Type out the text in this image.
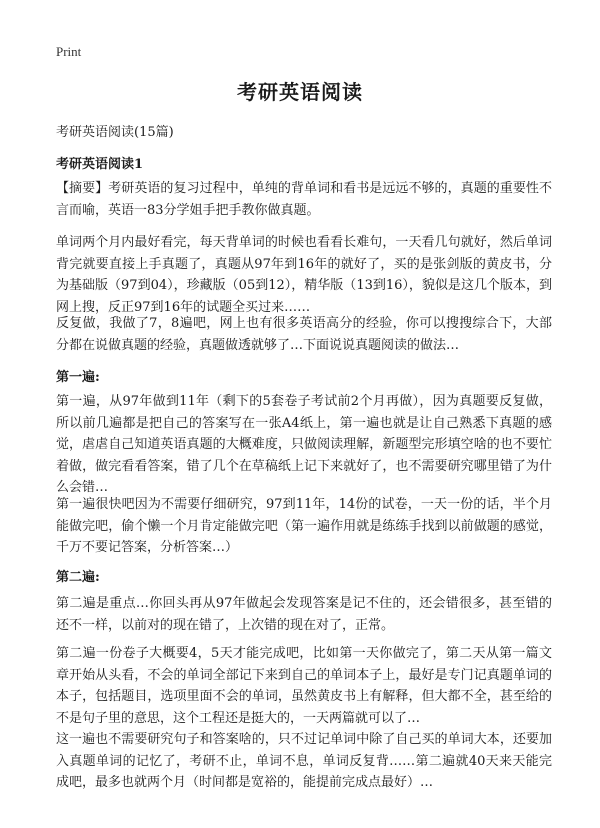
Print
考研英语阅读
考研英语阅读(15篇)
考研英语阅读1

【摘要】考研英语的复习过程中，单纯的背单词和看书是远远不够的，真题的重要性不言而喻，英语一83分学姐手把手教你做真题。

单词两个月内最好看完，每天背单词的时候也看看长难句，一天看几句就好，然后单词背完就要直接上手真题了，真题从97年到16年的就好了，买的是张剑版的黄皮书，分为基础版（97到04），珍藏版（05到12），精华版（13到16），貌似是这几个版本，到网上搜，反正97到16年的试题全买过来……

反复做，我做了7，8遍吧，网上也有很多英语高分的经验，你可以搜搜综合下，大部分都在说做真题的经验，真题做透就够了…下面说说真题阅读的做法…

第一遍:

第一遍，从97年做到11年（剩下的5套卷子考试前2个月再做），因为真题要反复做，所以前几遍都是把自己的答案写在一张A4纸上，第一遍也就是让自己熟悉下真题的感觉，虐虐自己知道英语真题的大概难度，只做阅读理解，新题型完形填空啥的也不要忙着做，做完看看答案，错了几个在草稿纸上记下来就好了，也不需要研究哪里错了为什么会错…

第一遍很快吧因为不需要仔细研究，97到11年，14份的试卷，一天一份的话，半个月能做完吧，偷个懒一个月肯定能做完吧（第一遍作用就是练练手找到以前做题的感觉，千万不要记答案，分析答案…）

第二遍:

第二遍是重点…你回头再从97年做起会发现答案是记不住的，还会错很多，甚至错的还不一样，以前对的现在错了，上次错的现在对了，正常。

第二遍一份卷子大概要4，5天才能完成吧，比如第一天你做完了，第二天从第一篇文章开始从头看，不会的单词全部记下来到自己的单词本子上，最好是专门记真题单词的本子，包括题目，选项里面不会的单词，虽然黄皮书上有解释，但大都不全，甚至给的不是句子里的意思，这个工程还是挺大的，一天两篇就可以了…

这一遍也不需要研究句子和答案啥的，只不过记单词中除了自己买的单词大本，还要加入真题单词的记忆了，考研不止，单词不息，单词反复背……第二遍就40天来天能完成吧，最多也就两个月（时间都是宽裕的，能提前完成点最好）…
